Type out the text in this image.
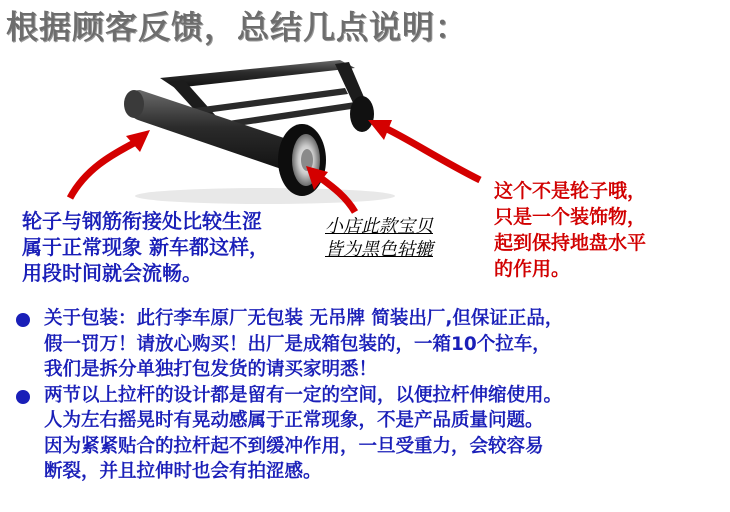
根据顾客反馈，总结几点说明：
轮子与钢筋衔接处比较生涩
属于正常现象 新车都这样，
用段时间就会流畅。
小店此款宝贝
皆为黑色轱辘
这个不是轮子哦，
只是一个装饰物，
起到保持地盘水平
的作用。
关于包装：此行李车原厂无包装 无吊牌 简装出厂,但保证正品，
假一罚万！请放心购买！出厂是成箱包装的，一箱10个拉车，
我们是拆分单独打包发货的请买家明悉！
两节以上拉杆的设计都是留有一定的空间，以便拉杆伸缩使用。
人为左右摇晃时有晃动感属于正常现象，不是产品质量问题。
因为紧紧贴合的拉杆起不到缓冲作用，一旦受重力，会较容易
断裂，并且拉伸时也会有拍涩感。
